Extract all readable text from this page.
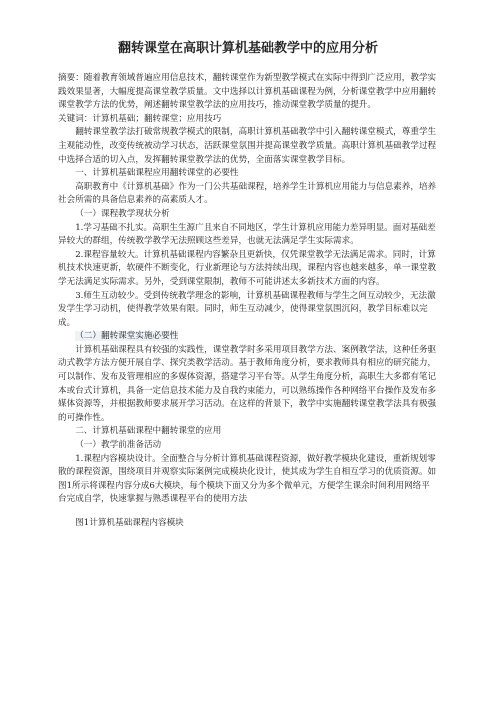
翻转课堂在高职计算机基础教学中的应用分析

摘要：随着教育领域普遍应用信息技术，翻转课堂作为新型教学模式在实际中得到广泛应用，教学实践效果显著，大幅度提高课堂教学质量。文中选择以计算机基础课程为例，分析课堂教学中应用翻转课堂教学方法的优势，阐述翻转课堂教学法的应用技巧，推动课堂教学质量的提升。

关键词：计算机基础；翻转课堂；应用技巧

翻转课堂教学法打破常规教学模式的限制，高职计算机基础教学中引入翻转课堂模式，尊重学生主观能动性，改变传统被动学习状态，活跃课堂氛围并提高课堂教学质量。高职计算机基础教学过程中选择合适的切入点，发挥翻转课堂教学法的优势，全面落实课堂教学目标。

一、计算机基础课程应用翻转课堂的必要性

高职教育中《计算机基础》作为一门公共基础课程，培养学生计算机应用能力与信息素养，培养社会所需的具备信息素养的高素质人才。

（一）课程教学现状分析

1.学习基础不扎实。高职生生源广且来自不同地区，学生计算机应用能力差异明显。面对基础差异较大的群组，传统教学教学无法照顾这些差异，也就无法满足学生实际需求。

2.课程容量较大。计算机基础课程内容繁杂且更新快，仅凭课堂教学无法满足需求。同时，计算机技术快速更新，软硬件不断变化，行业新理论与方法持续出现，课程内容也越来越多，单一课堂教学无法满足实际需求。另外，受到课堂限制，教师不可能讲述太多新技术方面的内容。

3.师生互动较少。受到传统教学理念的影响，计算机基础课程教师与学生之间互动较少，无法激发学生学习动机，使得教学效果有限。同时，师生互动减少，使得课堂氛围沉闷，教学目标难以完成。

（二）翻转课堂实施必要性

计算机基础课程具有较强的实践性，课堂教学时多采用项目教学方法、案例教学法，这种任务驱动式教学方法方便开展自学、探究类教学活动。基于教师角度分析，要求教师具有相应的研究能力，可以制作、发布及管理相应的多媒体资源，搭建学习平台等。从学生角度分析，高职生大多都有笔记本或台式计算机，具备一定信息技术能力及自我约束能力，可以熟练操作各种网络平台操作及发布多媒体资源等，并根据教师要求展开学习活动。在这样的背景下，教学中实施翻转课堂教学法具有极强的可操作性。

二、计算机基础课程中翻转课堂的应用

（一）教学前准备活动

1.课程内容模块设计。全面整合与分析计算机基础课程资源，做好教学模块化建设，重新规划零散的课程资源，围绕项目并观察实际案例完成模块化设计，使其成为学生自相互学习的优质资源。如图1所示将课程内容分成6大模块，每个模块下面又分为多个微单元，方便学生课余时间利用网络平台完成自学，快速掌握与熟悉课程平台的使用方法

图1计算机基础课程内容模块
